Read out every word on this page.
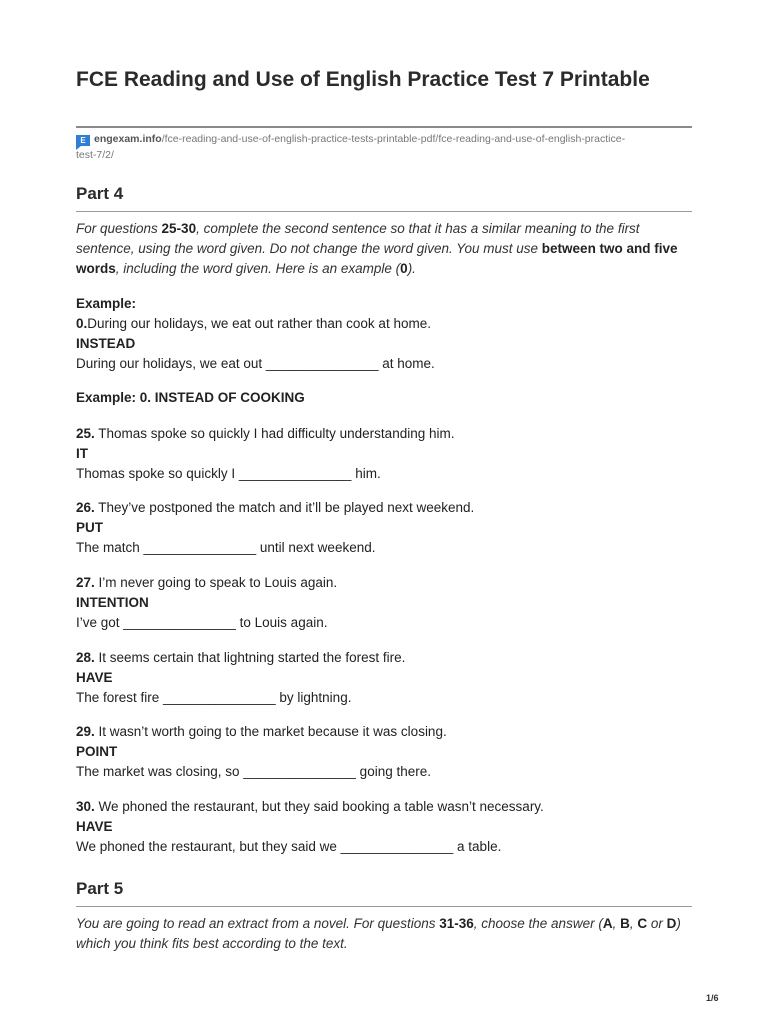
FCE Reading and Use of English Practice Test 7 Printable
E engexam.info/fce-reading-and-use-of-english-practice-tests-printable-pdf/fce-reading-and-use-of-english-practice-
test-7/2/
Part 4

For questions 25-30, complete the second sentence so that it has a similar meaning to the first sentence, using the word given. Do not change the word given. You must use between two and five words, including the word given. Here is an example (0).

Example:
0.During our holidays, we eat out rather than cook at home.
INSTEAD
During our holidays, we eat out _______________ at home.
Example: 0. INSTEAD OF COOKING
25. Thomas spoke so quickly I had difficulty understanding him.
IT
Thomas spoke so quickly I _______________ him.
26. They’ve postponed the match and it’ll be played next weekend.
PUT
The match _______________ until next weekend.
27. I’m never going to speak to Louis again.
INTENTION
I’ve got _______________ to Louis again.
28. It seems certain that lightning started the forest fire.
HAVE
The forest fire _______________ by lightning.
29. It wasn’t worth going to the market because it was closing.
POINT
The market was closing, so _______________ going there.
30. We phoned the restaurant, but they said booking a table wasn’t necessary.
HAVE
We phoned the restaurant, but they said we _______________ a table.
Part 5

You are going to read an extract from a novel. For questions 31-36, choose the answer (A, B, C or D) which you think fits best according to the text.

1/6
